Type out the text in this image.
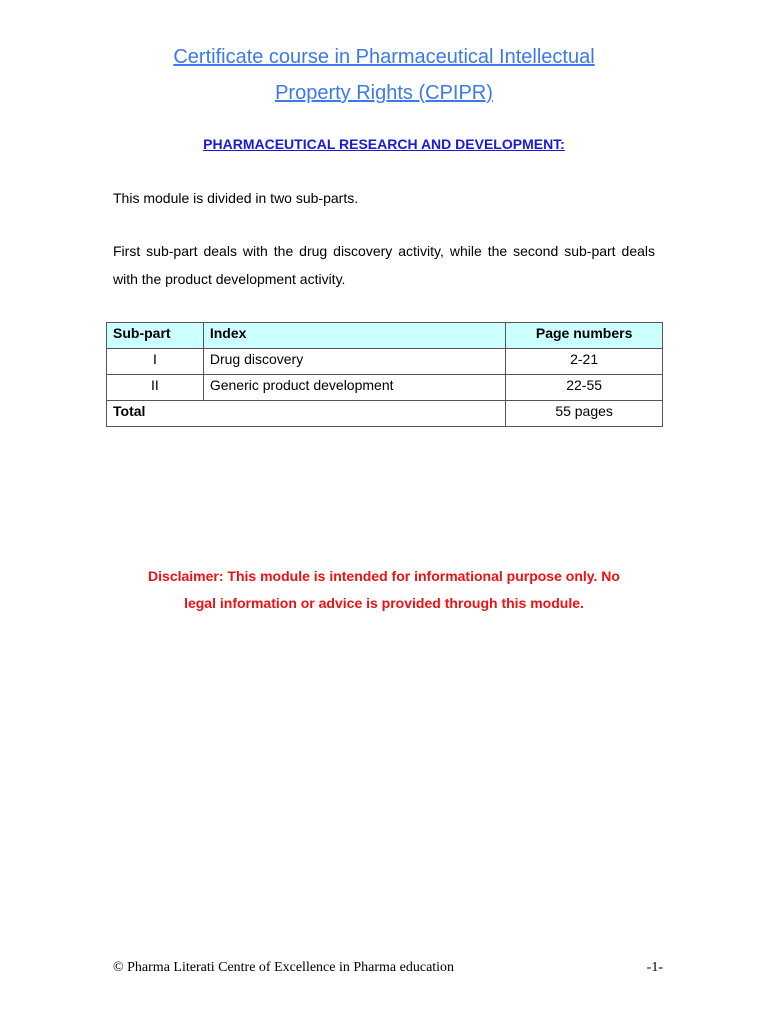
Certificate course in Pharmaceutical Intellectual
Property Rights (CPIPR)
PHARMACEUTICAL RESEARCH AND DEVELOPMENT:
This module is divided in two sub-parts.
First sub-part deals with the drug discovery activity, while the second sub-part deals with the product development activity.
Sub-part	Index	Page numbers
I	Drug discovery	2-21
II	Generic product development	22-55
Total		55 pages
Disclaimer: This module is intended for informational purpose only. No
legal information or advice is provided through this module.
© Pharma Literati Centre of Excellence in Pharma education	-1-
